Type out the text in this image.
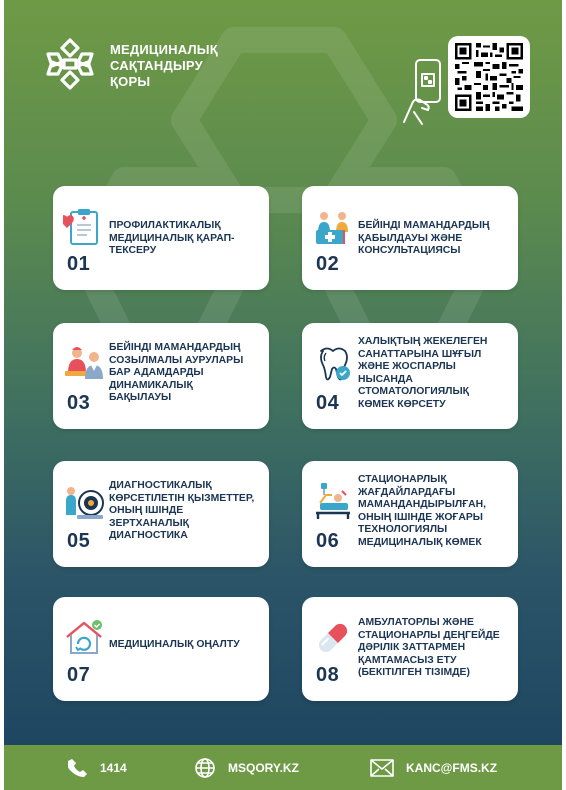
МЕДИЦИНАЛЫҚ
САҚТАНДЫРУ
ҚОРЫ
ПРОФИЛАКТИКАЛЫҚ
МЕДИЦИНАЛЫҚ ҚАРАП-
ТЕКСЕРУ
01
БЕЙІНДІ МАМАНДАРДЫҢ
ҚАБЫЛДАУЫ ЖӘНЕ
КОНСУЛЬТАЦИЯСЫ
02
БЕЙІНДІ МАМАНДАРДЫҢ
СОЗЫЛМАЛЫ АУРУЛАРЫ
БАР АДАМДАРДЫ
ДИНАМИКАЛЫҚ
БАҚЫЛАУЫ
03
ХАЛЫҚТЫҢ ЖЕКЕЛЕГЕН
САНАТТАРЫНА ШҰҒЫЛ
ЖӘНЕ ЖОСПАРЛЫ
НЫСАНДА
СТОМАТОЛОГИЯЛЫҚ
КӨМЕК КӨРСЕТУ
04
ДИАГНОСТИКАЛЫҚ
КӨРСЕТІЛЕТІН ҚЫЗМЕТТЕР,
ОНЫҢ ІШІНДЕ
ЗЕРТХАНАЛЫҚ
ДИАГНОСТИКА
05
СТАЦИОНАРЛЫҚ
ЖАҒДАЙЛАРДАҒЫ
МАМАНДАНДЫРЫЛҒАН,
ОНЫҢ ІШІНДЕ ЖОҒАРЫ
ТЕХНОЛОГИЯЛЫ
МЕДИЦИНАЛЫҚ КӨМЕК
06
МЕДИЦИНАЛЫҚ ОҢАЛТУ
07
АМБУЛАТОРЛЫ ЖӘНЕ
СТАЦИОНАРЛЫ ДЕҢГЕЙДЕ
ДӘРІЛІК ЗАТТАРМЕН
ҚАМТАМАСЫЗ ЕТУ
(БЕКІТІЛГЕН ТІЗІМДЕ)
08
1414	MSQORY.KZ	KANC@FMS.KZ
